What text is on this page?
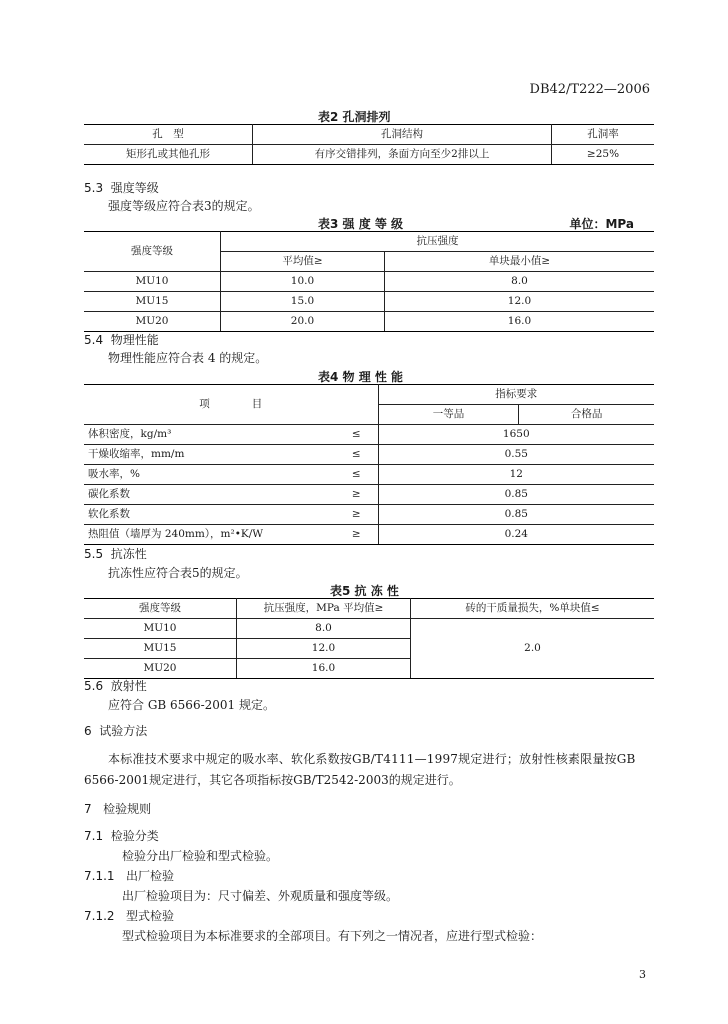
DB42/T222—2006
表2 孔洞排列
孔　型	孔洞结构	孔洞率
矩形孔或其他孔形	有序交错排列，条面方向至少2排以上	≥25%
5.3 强度等级
强度等级应符合表3的规定。
表3 强 度 等 级	单位：MPa
强度等级	抗压强度	
	平均值≥	单块最小值≥
MU10	10.0	8.0
MU15	15.0	12.0
MU20	20.0	16.0
5.4 物理性能
物理性能应符合表 4 的规定。
表4 物 理 性 能
项　　　　目		指标要求	
		一等品	合格品
体积密度，kg/m³	≤	1650	
干燥收缩率，mm/m	≤	0.55	
吸水率，%	≤	12	
碳化系数	≥	0.85	
软化系数	≥	0.85	
热阻值（墙厚为 240mm），m²•K/W	≥	0.24	
5.5 抗冻性
抗冻性应符合表5的规定。
表5 抗 冻 性
强度等级	抗压强度，MPa 平均值≥	砖的干质量损失，%单块值≤
MU10	8.0	2.0
MU15	12.0	
MU20	16.0	
5.6 放射性
应符合 GB 6566-2001 规定。
6 试验方法
本标准技术要求中规定的吸水率、软化系数按GB/T4111—1997规定进行；放射性核素限量按GB
6566-2001规定进行，其它各项指标按GB/T2542-2003的规定进行。
7 检验规则
7.1 检验分类
检验分出厂检验和型式检验。
7.1.1 出厂检验
出厂检验项目为：尺寸偏差、外观质量和强度等级。
7.1.2 型式检验
型式检验项目为本标准要求的全部项目。有下列之一情况者，应进行型式检验：
3
